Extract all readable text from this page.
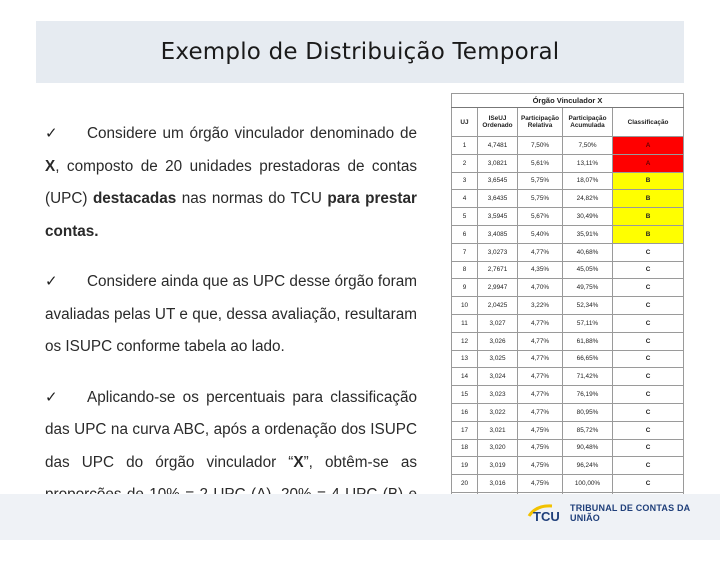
Exemplo de Distribuição Temporal

✓ Considere um órgão vinculador denominado de X, composto de 20 unidades prestadoras de contas (UPC) destacadas nas normas do TCU para prestar contas.

✓ Considere ainda que as UPC desse órgão foram avaliadas pelas UT e que, dessa avaliação, resultaram os ISUPC conforme tabela ao lado.

✓ Aplicando-se os percentuais para classificação das UPC na curva ABC, após a ordenação dos ISUPC das UPC do órgão vinculador “X”, obtêm-se as

Órgão Vinculador X				
UJ	ISeUJ Ordenado	Participação Relativa	Participação Acumulada	Classificação
1	4,7481	7,50%	7,50%	A
2	3,0821	5,61%	13,11%	A
3	3,6545	5,75%	18,07%	B
4	3,6435	5,75%	24,82%	B
5	3,5945	5,67%	30,49%	B
6	3,4085	5,40%	35,91%	B
7	3,0273	4,77%	40,68%	C
8	2,7671	4,35%	45,05%	C
9	2,9947	4,70%	49,75%	C
10	2,0425	3,22%	52,34%	C
11	3,027	4,77%	57,11%	C
12	3,026	4,77%	61,88%	C
13	3,025	4,77%	66,65%	C
14	3,024	4,77%	71,42%	C
15	3,023	4,77%	76,19%	C
16	3,022	4,77%	80,95%	C
17	3,021	4,75%	85,72%	C
18	3,020	4,75%	90,48%	C
19	3,019	4,75%	96,24%	C
20	3,016	4,75%	100,00%	C

TCU
TRIBUNAL DE CONTAS DA UNIÃO
